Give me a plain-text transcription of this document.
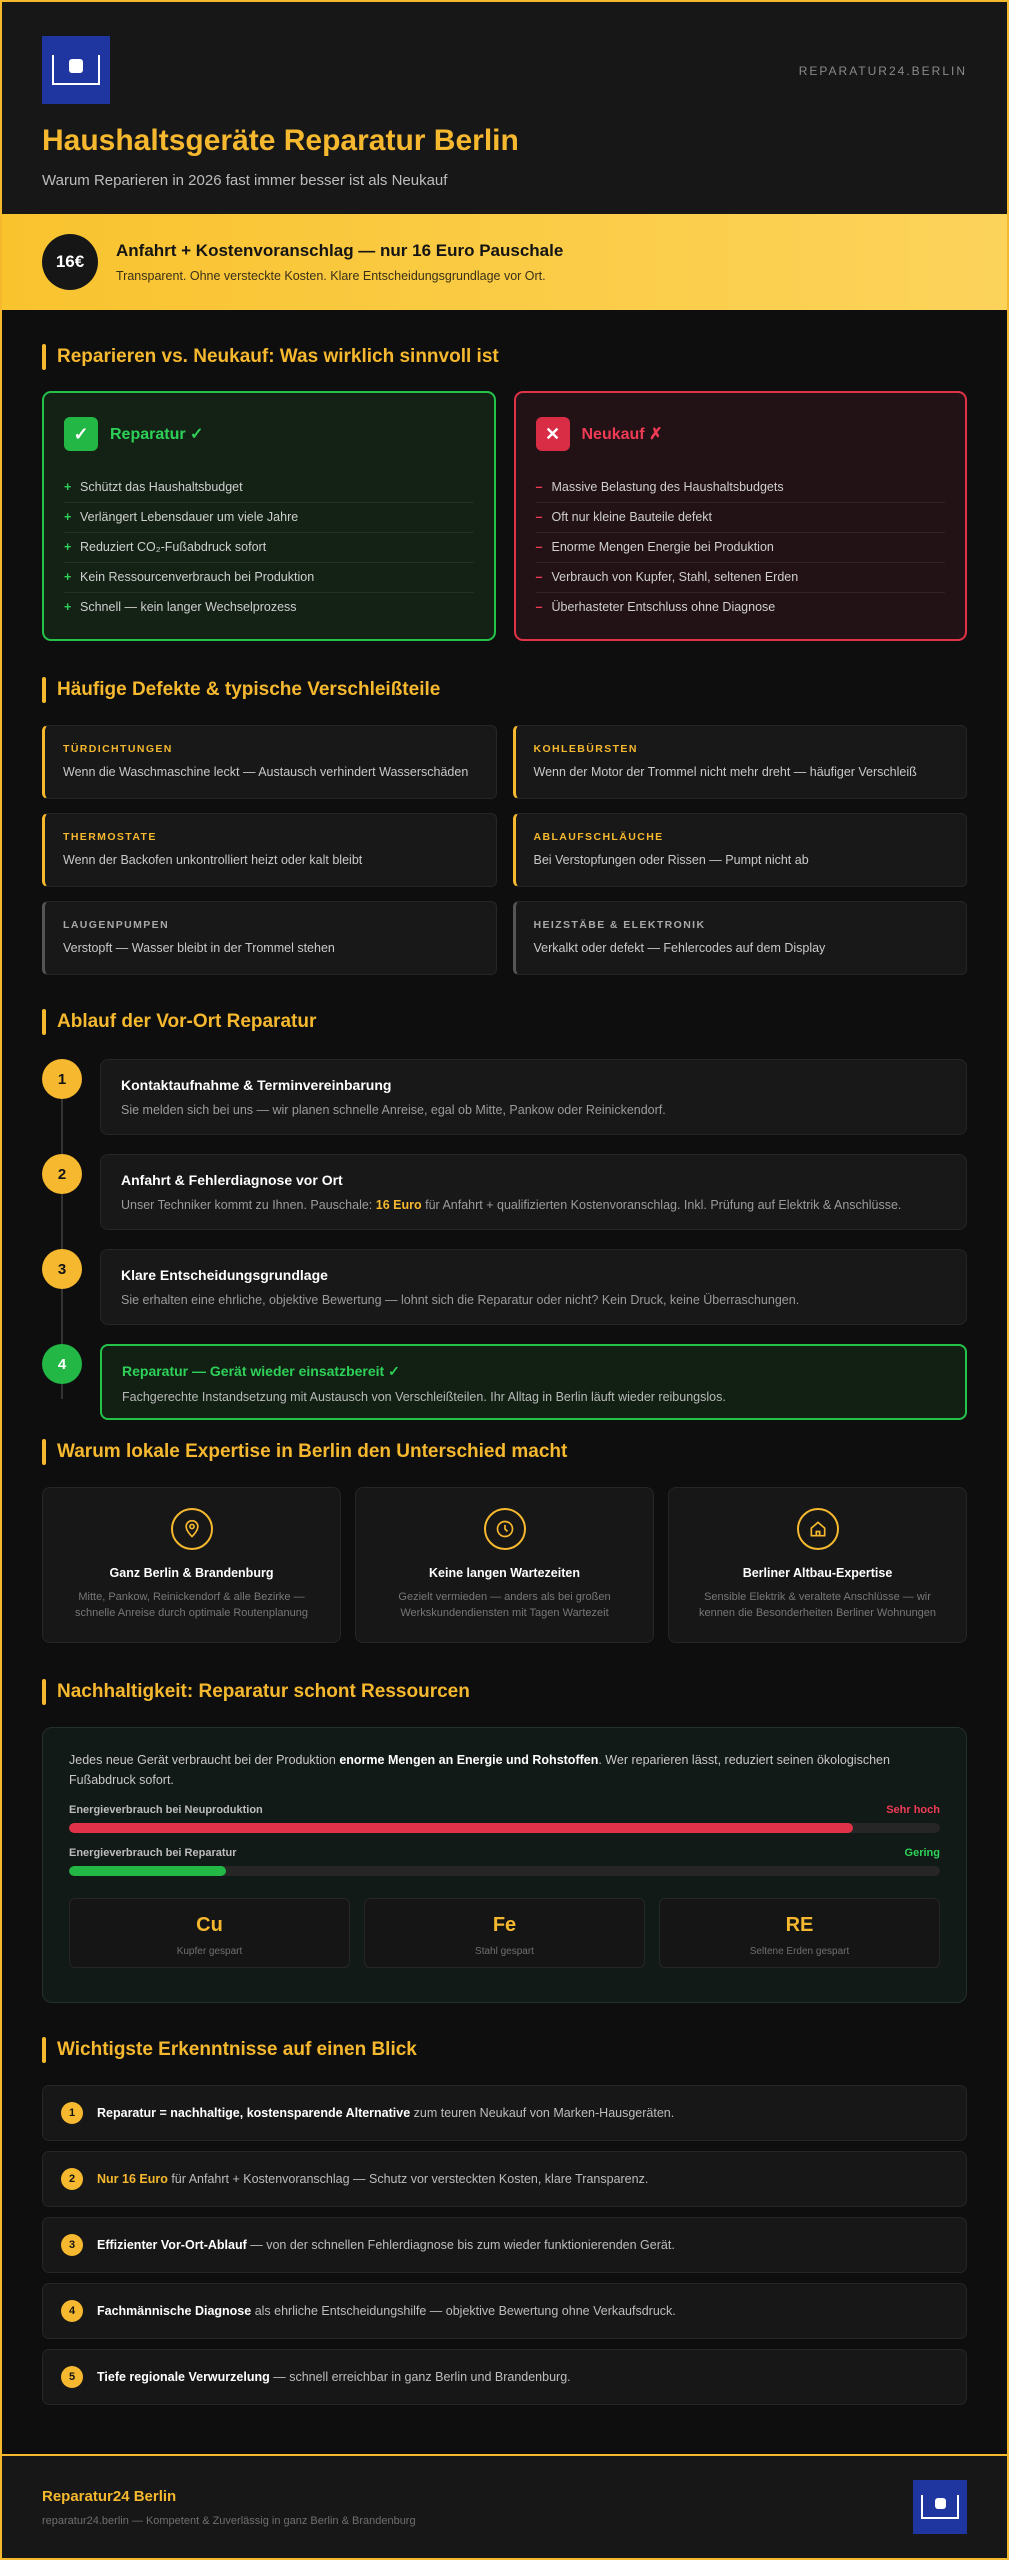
REPARATUR24.BERLIN
Haushaltsgeräte Reparatur Berlin
Warum Reparieren in 2026 fast immer besser ist als Neukauf
16€
Anfahrt + Kostenvoranschlag — nur 16 Euro Pauschale
Transparent. Ohne versteckte Kosten. Klare Entscheidungsgrundlage vor Ort.
Reparieren vs. Neukauf: Was wirklich sinnvoll ist
✓	Reparatur ✓
+ Schützt das Haushaltsbudget
+ Verlängert Lebensdauer um viele Jahre
+ Reduziert CO₂-Fußabdruck sofort
+ Kein Ressourcenverbrauch bei Produktion
+ Schnell — kein langer Wechselprozess
✕	Neukauf ✗
– Massive Belastung des Haushaltsbudgets
– Oft nur kleine Bauteile defekt
– Enorme Mengen Energie bei Produktion
– Verbrauch von Kupfer, Stahl, seltenen Erden
– Überhasteter Entschluss ohne Diagnose
Häufige Defekte & typische Verschleißteile
TÜRDICHTUNGEN
Wenn die Waschmaschine leckt — Austausch verhindert Wasserschäden
KOHLEBÜRSTEN
Wenn der Motor der Trommel nicht mehr dreht — häufiger Verschleiß
THERMOSTATE
Wenn der Backofen unkontrolliert heizt oder kalt bleibt
ABLAUFSCHLÄUCHE
Bei Verstopfungen oder Rissen — Pumpt nicht ab
LAUGENPUMPEN
Verstopft — Wasser bleibt in der Trommel stehen
HEIZSTÄBE & ELEKTRONIK
Verkalkt oder defekt — Fehlercodes auf dem Display
Ablauf der Vor-Ort Reparatur
1	Kontaktaufnahme & Terminvereinbarung
Sie melden sich bei uns — wir planen schnelle Anreise, egal ob Mitte, Pankow oder Reinickendorf.
2	Anfahrt & Fehlerdiagnose vor Ort
Unser Techniker kommt zu Ihnen. Pauschale: 16 Euro für Anfahrt + qualifizierten Kostenvoranschlag. Inkl. Prüfung auf Elektrik & Anschlüsse.
3	Klare Entscheidungsgrundlage
Sie erhalten eine ehrliche, objektive Bewertung — lohnt sich die Reparatur oder nicht? Kein Druck, keine Überraschungen.
4	Reparatur — Gerät wieder einsatzbereit ✓
Fachgerechte Instandsetzung mit Austausch von Verschleißteilen. Ihr Alltag in Berlin läuft wieder reibungslos.
Warum lokale Expertise in Berlin den Unterschied macht
Ganz Berlin & Brandenburg
Mitte, Pankow, Reinickendorf & alle Bezirke — schnelle Anreise durch optimale Routenplanung
Keine langen Wartezeiten
Gezielt vermieden — anders als bei großen Werkskundendiensten mit Tagen Wartezeit
Berliner Altbau-Expertise
Sensible Elektrik & veraltete Anschlüsse — wir kennen die Besonderheiten Berliner Wohnungen
Nachhaltigkeit: Reparatur schont Ressourcen
Jedes neue Gerät verbraucht bei der Produktion enorme Mengen an Energie und Rohstoffen. Wer reparieren lässt, reduziert seinen ökologischen Fußabdruck sofort.
Energieverbrauch bei Neuproduktion	Sehr hoch
Energieverbrauch bei Reparatur	Gering
Cu
Kupfer gespart
Fe
Stahl gespart
RE
Seltene Erden gespart
Wichtigste Erkenntnisse auf einen Blick
1	Reparatur = nachhaltige, kostensparende Alternative zum teuren Neukauf von Marken-Hausgeräten.
2	Nur 16 Euro für Anfahrt + Kostenvoranschlag — Schutz vor versteckten Kosten, klare Transparenz.
3	Effizienter Vor-Ort-Ablauf — von der schnellen Fehlerdiagnose bis zum wieder funktionierenden Gerät.
4	Fachmännische Diagnose als ehrliche Entscheidungshilfe — objektive Bewertung ohne Verkaufsdruck.
5	Tiefe regionale Verwurzelung — schnell erreichbar in ganz Berlin und Brandenburg.
Reparatur24 Berlin
reparatur24.berlin — Kompetent & Zuverlässig in ganz Berlin & Brandenburg
